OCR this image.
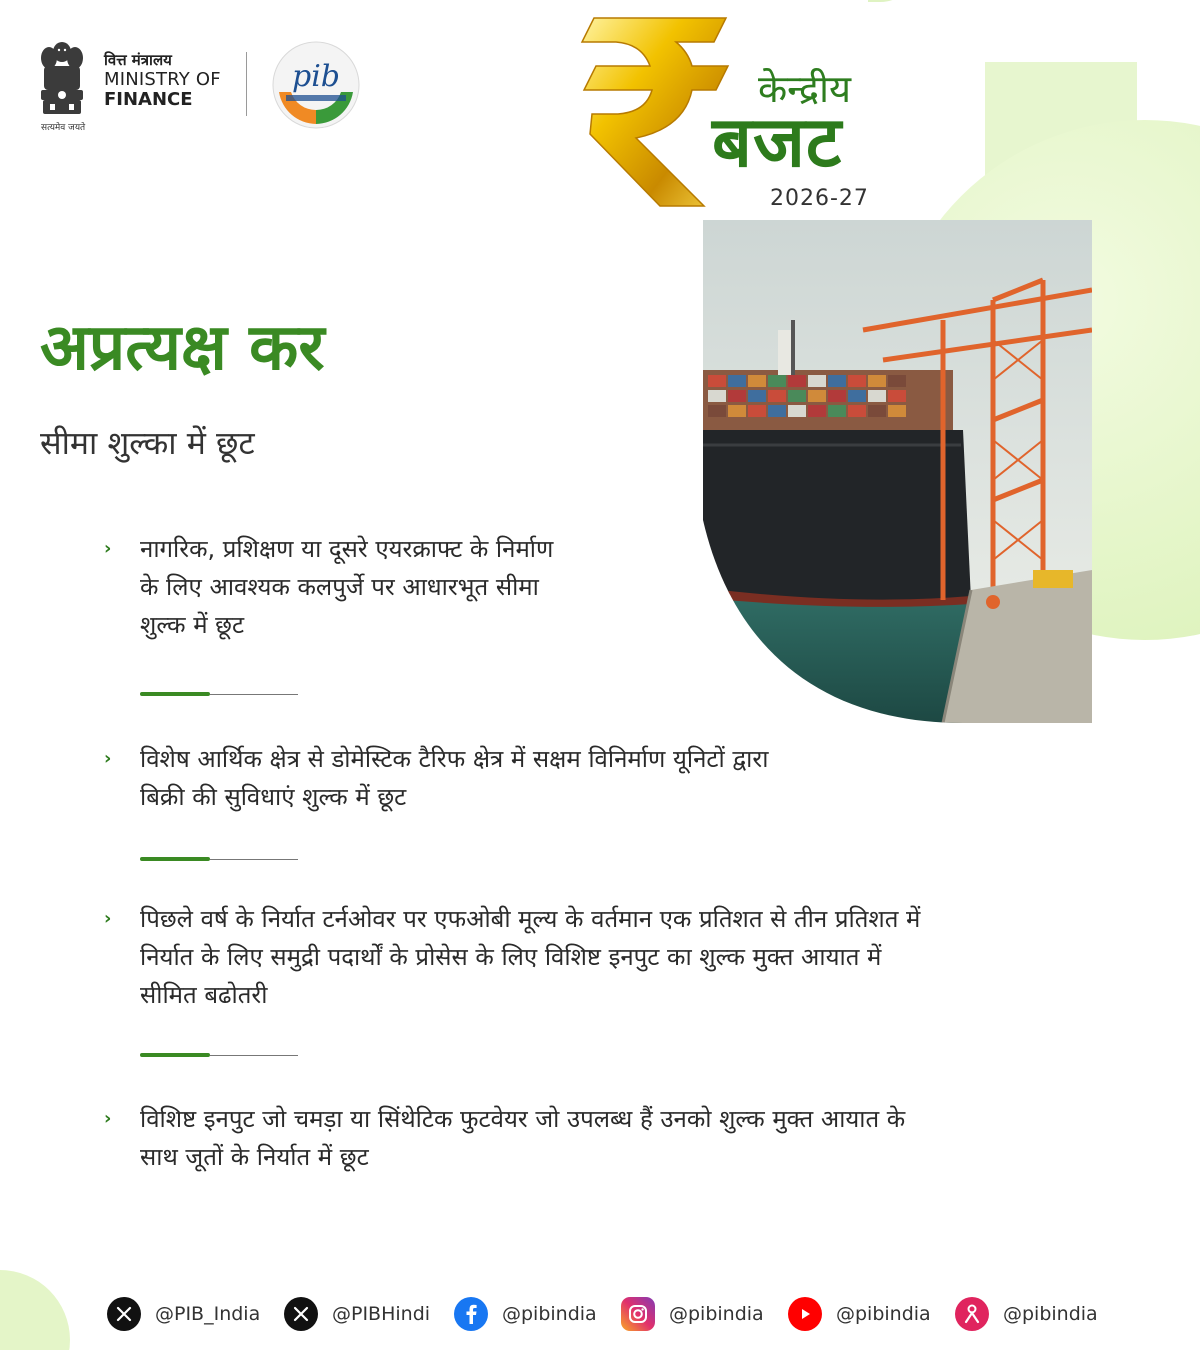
सत्यमेव जयते
वित्त मंत्रालय
MINISTRY OF
FINANCE
pib	केन्द्रीय
बजट
2026-27
अप्रत्यक्ष कर
सीमा शुल्का में छूट
› नागरिक, प्रशिक्षण या दूसरे एयरक्राफ्ट के निर्माण
के लिए आवश्यक कलपुर्जे पर आधारभूत सीमा
शुल्क में छूट
› विशेष आर्थिक क्षेत्र से डोमेस्टिक टैरिफ क्षेत्र में सक्षम विनिर्माण यूनिटों द्वारा
बिक्री की सुविधाएं शुल्क में छूट
› पिछले वर्ष के निर्यात टर्नओवर पर एफओबी मूल्य के वर्तमान एक प्रतिशत से तीन प्रतिशत में
निर्यात के लिए समुद्री पदार्थों के प्रोसेस के लिए विशिष्ट इनपुट का शुल्क मुक्त आयात में
सीमित बढोतरी
› विशिष्ट इनपुट जो चमड़ा या सिंथेटिक फुटवेयर जो उपलब्ध हैं उनको शुल्क मुक्त आयात के
साथ जूतों के निर्यात में छूट
@PIB_India	@PIBHindi	@pibindia	@pibindia	@pibindia	@pibindia
